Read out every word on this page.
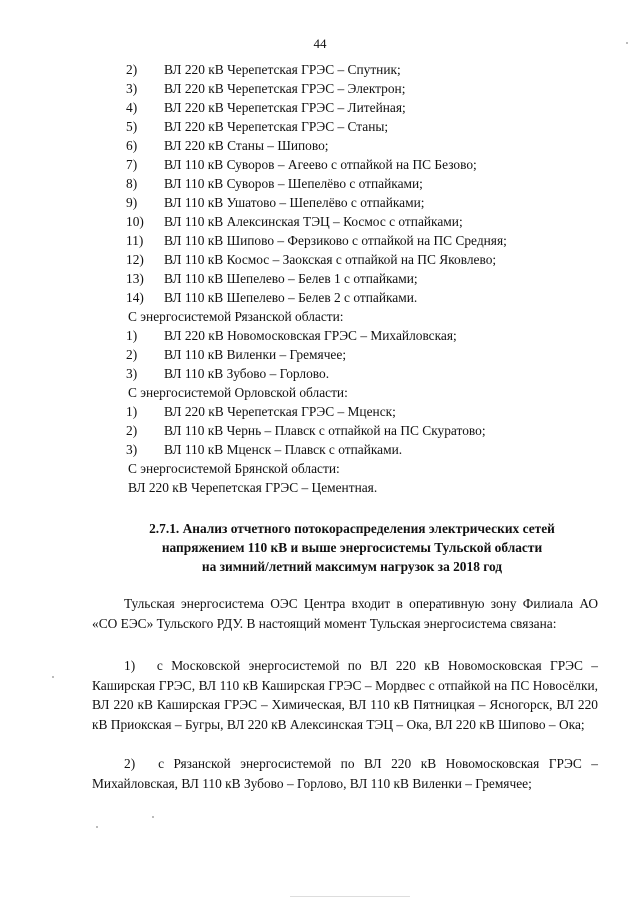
44
2)	ВЛ 220 кВ Черепетская ГРЭС – Спутник;
3)	ВЛ 220 кВ Черепетская ГРЭС – Электрон;
4)	ВЛ 220 кВ Черепетская ГРЭС – Литейная;
5)	ВЛ 220 кВ Черепетская ГРЭС – Станы;
6)	ВЛ 220 кВ Станы – Шипово;
7)	ВЛ 110 кВ Суворов – Агеево с отпайкой на ПС Безово;
8)	ВЛ 110 кВ Суворов – Шепелёво с отпайками;
9)	ВЛ 110 кВ Ушатово – Шепелёво с отпайками;
10)	ВЛ 110 кВ Алексинская ТЭЦ – Космос с отпайками;
11)	ВЛ 110 кВ Шипово – Ферзиково с отпайкой на ПС Средняя;
12)	ВЛ 110 кВ Космос – Заокская с отпайкой на ПС Яковлево;
13)	ВЛ 110 кВ Шепелево – Белев 1 с отпайками;
14)	ВЛ 110 кВ Шепелево – Белев 2 с отпайками.
С энергосистемой Рязанской области:
1)	ВЛ 220 кВ Новомосковская ГРЭС – Михайловская;
2)	ВЛ 110 кВ Виленки – Гремячее;
3)	ВЛ 110 кВ Зубово – Горлово.
С энергосистемой Орловской области:
1)	ВЛ 220 кВ Черепетская ГРЭС – Мценск;
2)	ВЛ 110 кВ Чернь – Плавск с отпайкой на ПС Скуратово;
3)	ВЛ 110 кВ Мценск – Плавск с отпайками.
С энергосистемой Брянской области:
ВЛ 220 кВ Черепетская ГРЭС – Цементная.
2.7.1. Анализ отчетного потокораспределения электрических сетей
напряжением 110 кВ и выше энергосистемы Тульской области
на зимний/летний максимум нагрузок за 2018 год
Тульская энергосистема ОЭС Центра входит в оперативную зону Филиала АО «СО ЕЭС» Тульского РДУ. В настоящий момент Тульская энергосистема связана:
1)  с Московской энергосистемой по ВЛ 220 кВ Новомосковская ГРЭС – Каширская ГРЭС, ВЛ 110 кВ Каширская ГРЭС – Мордвес с отпайкой на ПС Новосёлки, ВЛ 220 кВ Каширская ГРЭС – Химическая, ВЛ 110 кВ Пятницкая – Ясногорск, ВЛ 220 кВ Приокская – Бугры, ВЛ 220 кВ Алексинская ТЭЦ – Ока, ВЛ 220 кВ Шипово – Ока;
2)  с Рязанской энергосистемой по ВЛ 220 кВ Новомосковская ГРЭС – Михайловская, ВЛ 110 кВ Зубово – Горлово, ВЛ 110 кВ Виленки – Гремячее;
